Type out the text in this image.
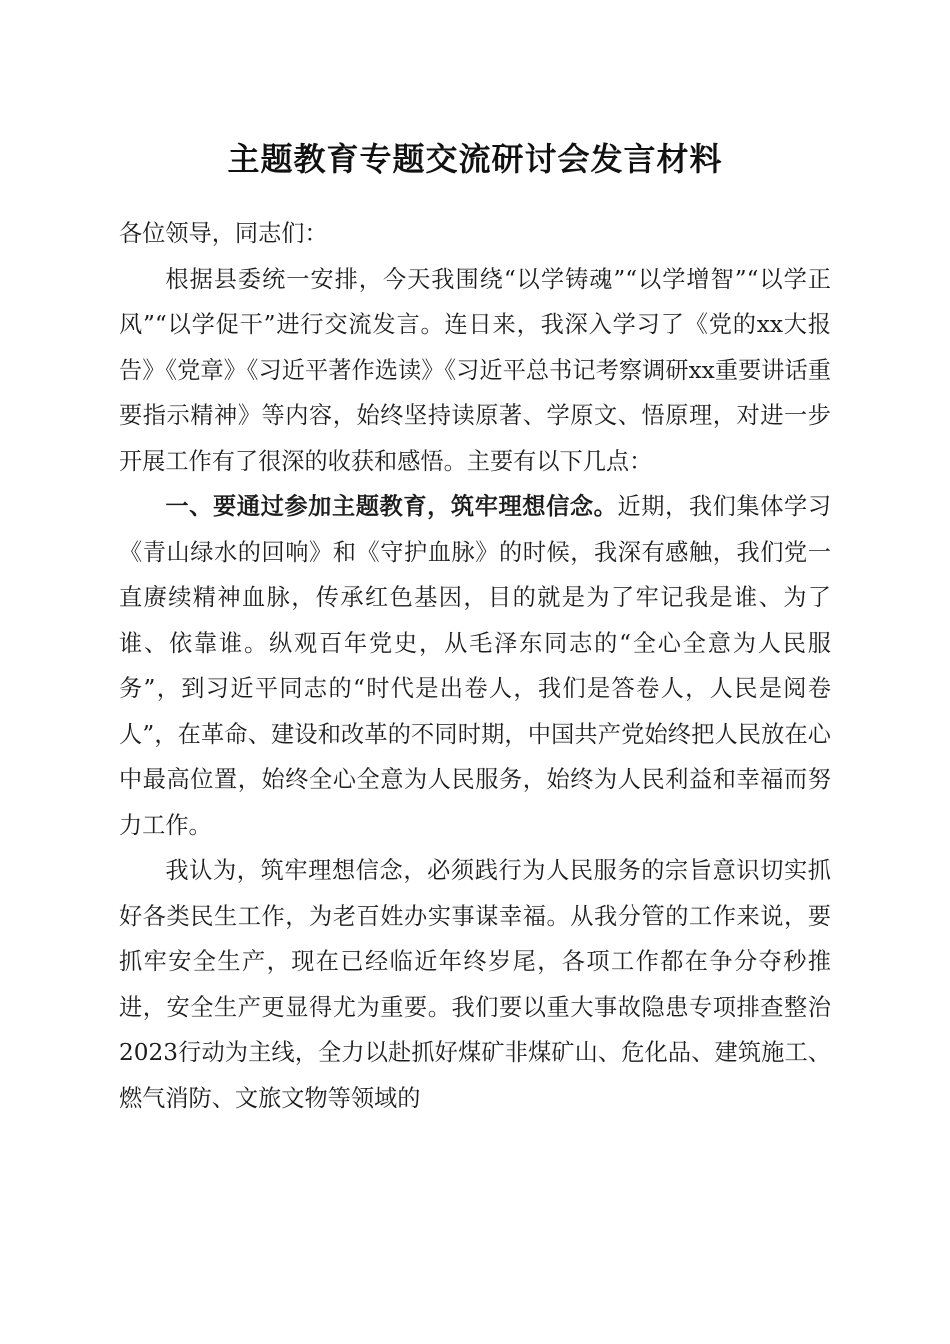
主题教育专题交流研讨会发言材料

各位领导，同志们：

根据县委统一安排，今天我围绕“以学铸魂”“以学增智”“以学正风”“以学促干”进行交流发言。连日来，我深入学习了《党的xx大报告》《党章》《习近平著作选读》《习近平总书记考察调研xx重要讲话重要指示精神》等内容，始终坚持读原著、学原文、悟原理，对进一步开展工作有了很深的收获和感悟。主要有以下几点：

一、要通过参加主题教育，筑牢理想信念。近期，我们集体学习《青山绿水的回响》和《守护血脉》的时候，我深有感触，我们党一直赓续精神血脉，传承红色基因，目的就是为了牢记我是谁、为了谁、依靠谁。纵观百年党史，从毛泽东同志的“全心全意为人民服务”，到习近平同志的“时代是出卷人，我们是答卷人，人民是阅卷人”，在革命、建设和改革的不同时期，中国共产党始终把人民放在心中最高位置，始终全心全意为人民服务，始终为人民利益和幸福而努力工作。

我认为，筑牢理想信念，必须践行为人民服务的宗旨意识切实抓好各类民生工作，为老百姓办实事谋幸福。从我分管的工作来说，要抓牢安全生产，现在已经临近年终岁尾，各项工作都在争分夺秒推进，安全生产更显得尤为重要。我们要以重大事故隐患专项排查整治2023行动为主线，全力以赴抓好煤矿非煤矿山、危化品、建筑施工、燃气消防、文旅文物等领域的
